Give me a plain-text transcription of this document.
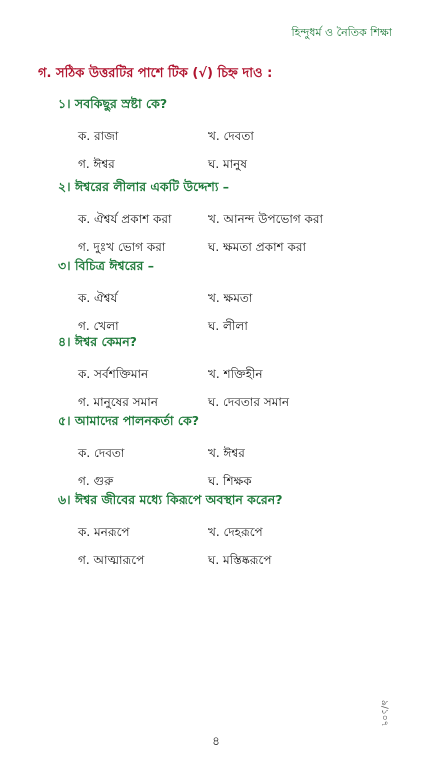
হিন্দুধর্ম ও নৈতিক শিক্ষা
গ. সঠিক উত্তরটির পাশে টিক (√) চিহ্ন দাও :
১। সবকিছুর স্রষ্টা কে?
ক. রাজা	খ. দেবতা
গ. ঈশ্বর	ঘ. মানুষ
২। ঈশ্বরের লীলার একটি উদ্দেশ্য –
ক. ঐশ্বর্য প্রকাশ করা	খ. আনন্দ উপভোগ করা
গ. দুঃখ ভোগ করা	ঘ. ক্ষমতা প্রকাশ করা
৩। বিচিত্র ঈশ্বরের –
ক. ঐশ্বর্য	খ. ক্ষমতা
গ. খেলা	ঘ. লীলা
৪। ঈশ্বর কেমন?
ক. সর্বশক্তিমান	খ. শক্তিহীন
গ. মানুষের সমান	ঘ. দেবতার সমান
৫। আমাদের পালনকর্তা কে?
ক. দেবতা	খ. ঈশ্বর
গ. গুরু	ঘ. শিক্ষক
৬। ঈশ্বর জীবের মধ্যে কিরূপে অবস্থান করেন?
ক. মনরূপে	খ. দেহরূপে
গ. আত্মারূপে	ঘ. মস্তিষ্করূপে
৯/১০৭
৪
